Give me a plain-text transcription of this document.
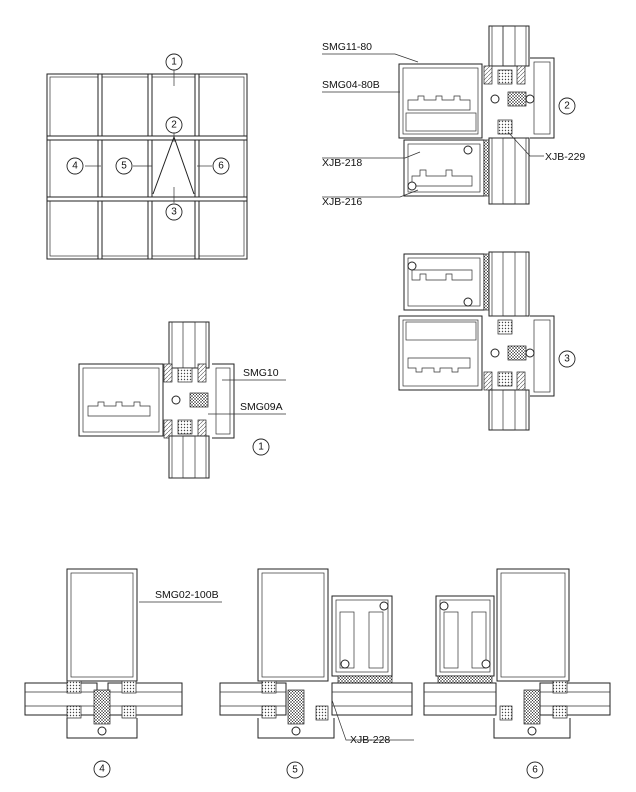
1
2
3
4	5	6
SMG11-80
SMG04-80B
XJB-218
XJB-216
XJB-229
2
3
SMG10
SMG09A
1
SMG02-100B
4
XJB-228
5	6
